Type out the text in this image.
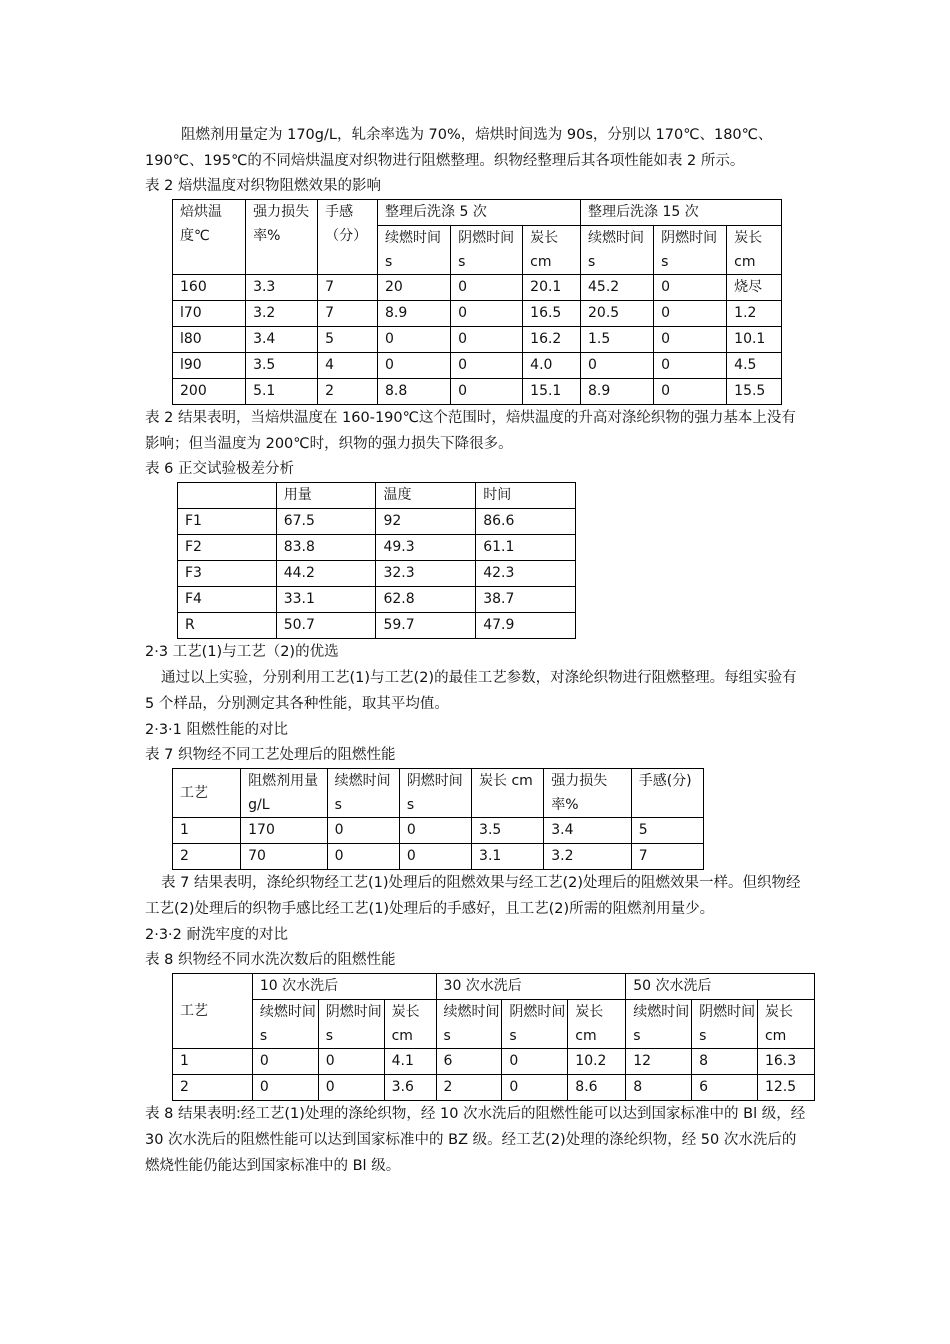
阻燃剂用量定为 170g/L，轧余率选为 70%，焙烘时间选为 90s，分别以 170℃、180℃、190℃、195℃的不同焙烘温度对织物进行阻燃整理。织物经整理后其各项性能如表 2 所示。

表 2 焙烘温度对织物阻燃效果的影响

焙烘温度℃	强力损失率%	手感（分）	整理后洗涤 5 次			整理后洗涤 15 次		
			续燃时间 s	阴燃时间 s	炭长 cm	续燃时间 s	阴燃时间 s	炭长 cm
160	3.3	7	20	0	20.1	45.2	0	烧尽
l70	3.2	7	8.9	0	16.5	20.5	0	1.2
l80	3.4	5	0	0	16.2	1.5	0	10.1
l90	3.5	4	0	0	4.0	0	0	4.5
200	5.1	2	8.8	0	15.1	8.9	0	15.5

表 2 结果表明，当焙烘温度在 160-190℃这个范围时，焙烘温度的升高对涤纶织物的强力基本上没有影响；但当温度为 200℃时，织物的强力损失下降很多。

表 6 正交试验极差分析

	用量	温度	时间
F1	67.5	92	86.6
F2	83.8	49.3	61.1
F3	44.2	32.3	42.3
F4	33.1	62.8	38.7
R	50.7	59.7	47.9

2·3 工艺(1)与工艺（2)的优选

通过以上实验，分别利用工艺(1)与工艺(2)的最佳工艺参数，对涤纶织物进行阻燃整理。每组实验有 5 个样品，分别测定其各种性能，取其平均值。

2·3·1 阻燃性能的对比

表 7 织物经不同工艺处理后的阻燃性能

工艺	阻燃剂用量 g/L	续燃时间 s	阴燃时间 s	炭长 cm	强力损失率%	手感(分)
1	170	0	0	3.5	3.4	5
2	70	0	0	3.1	3.2	7

表 7 结果表明，涤纶织物经工艺(1)处理后的阻燃效果与经工艺(2)处理后的阻燃效果一样。但织物经工艺(2)处理后的织物手感比经工艺(1)处理后的手感好，且工艺(2)所需的阻燃剂用量少。

2·3·2 耐洗牢度的对比

表 8 织物经不同水洗次数后的阻燃性能

工艺	10 次水洗后			30 次水洗后			50 次水洗后		
	续燃时间 s	阴燃时间 s	炭长 cm	续燃时间 s	阴燃时间 s	炭长 cm	续燃时间 s	阴燃时间 s	炭长 cm
1	0	0	4.1	6	0	10.2	12	8	16.3
2	0	0	3.6	2	0	8.6	8	6	12.5

表 8 结果表明:经工艺(1)处理的涤纶织物，经 10 次水洗后的阻燃性能可以达到国家标准中的 Bl 级，经 30 次水洗后的阻燃性能可以达到国家标准中的 BZ 级。经工艺(2)处理的涤纶织物，经 50 次水洗后的燃烧性能仍能达到国家标准中的 Bl 级。
